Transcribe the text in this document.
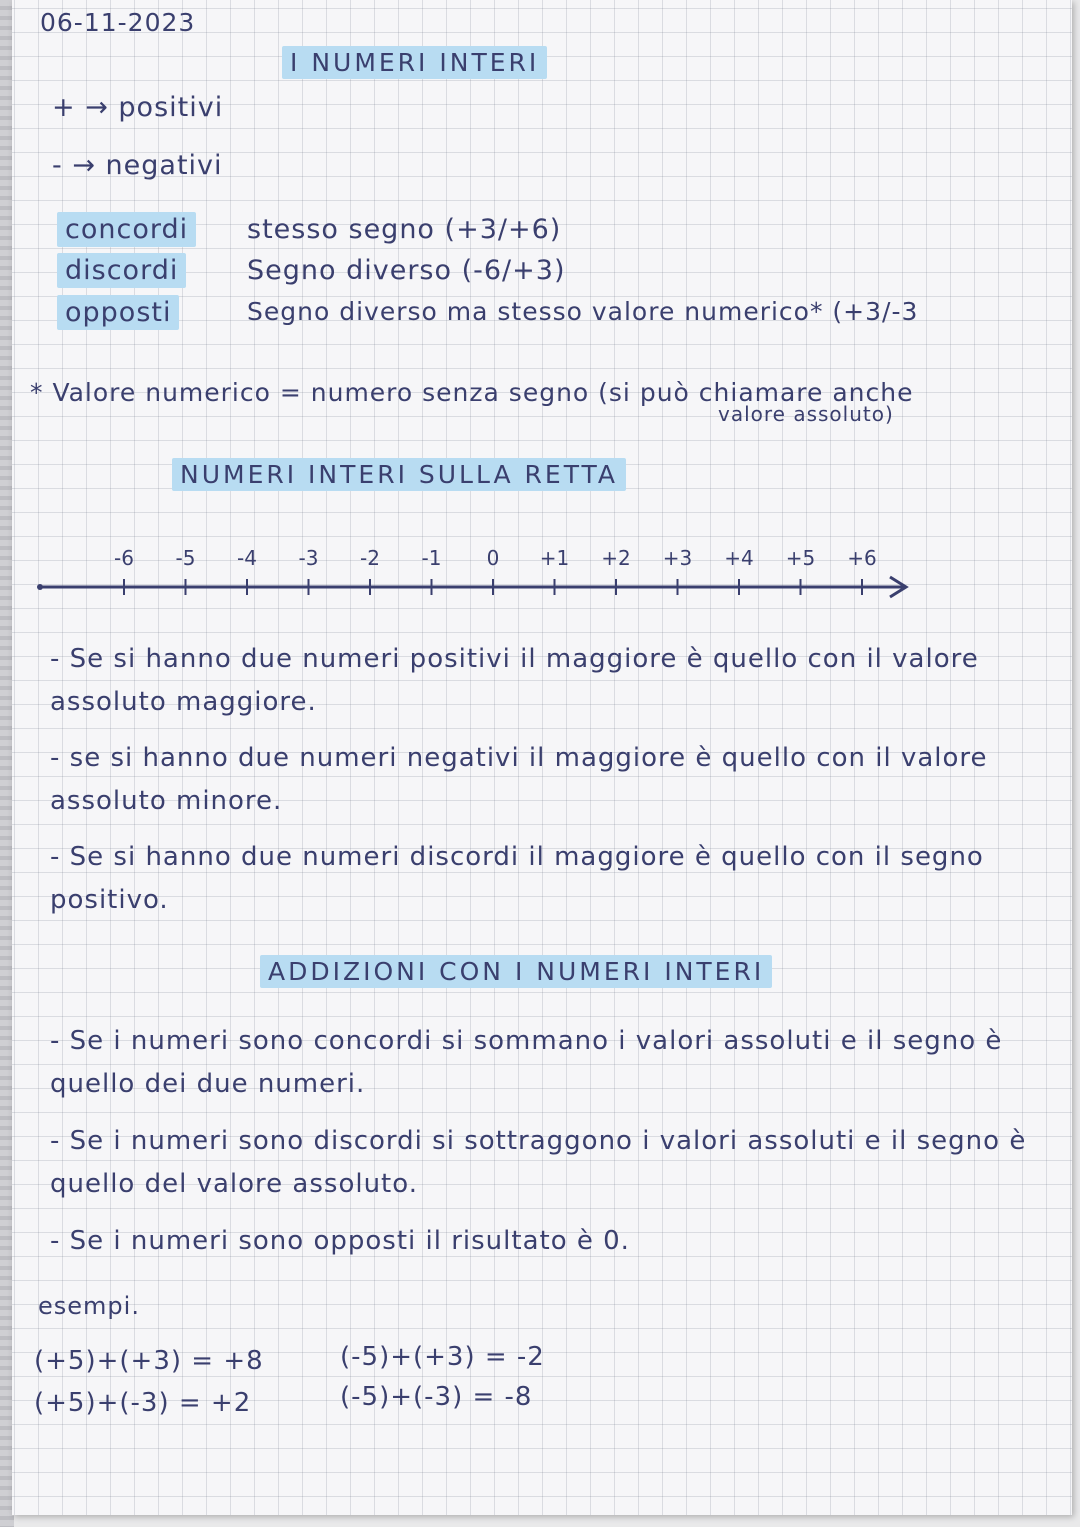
06-11-2023
I NUMERI INTERI
+ → positivi
- → negativi
concordi stesso segno (+3/+6)
discordi	Segno diverso (-6/+3)
opposti	Segno diverso ma stesso valore numerico* (+3/-3
* Valore numerico = numero senza segno (si può chiamare anche
valore assoluto)
NUMERI INTERI SULLA RETTA
-6 -5 -4 -3 -2 -1 0 +1 +2 +3 +4 +5 +6
- Se si hanno due numeri positivi il maggiore è quello con il valore assoluto maggiore.
- se si hanno due numeri negativi il maggiore è quello con il valore assoluto minore.
- Se si hanno due numeri discordi il maggiore è quello con il segno positivo.
ADDIZIONI CON I NUMERI INTERI
- Se i numeri sono concordi si sommano i valori assoluti e il segno è quello dei due numeri.
- Se i numeri sono discordi si sottraggono i valori assoluti e il segno è quello del valore assoluto.
- Se i numeri sono opposti il risultato è 0.
esempi.
(+5)+(+3) = +8
(+5)+(-3) = +2
(-5)+(+3) = -2
(-5)+(-3) = -8
